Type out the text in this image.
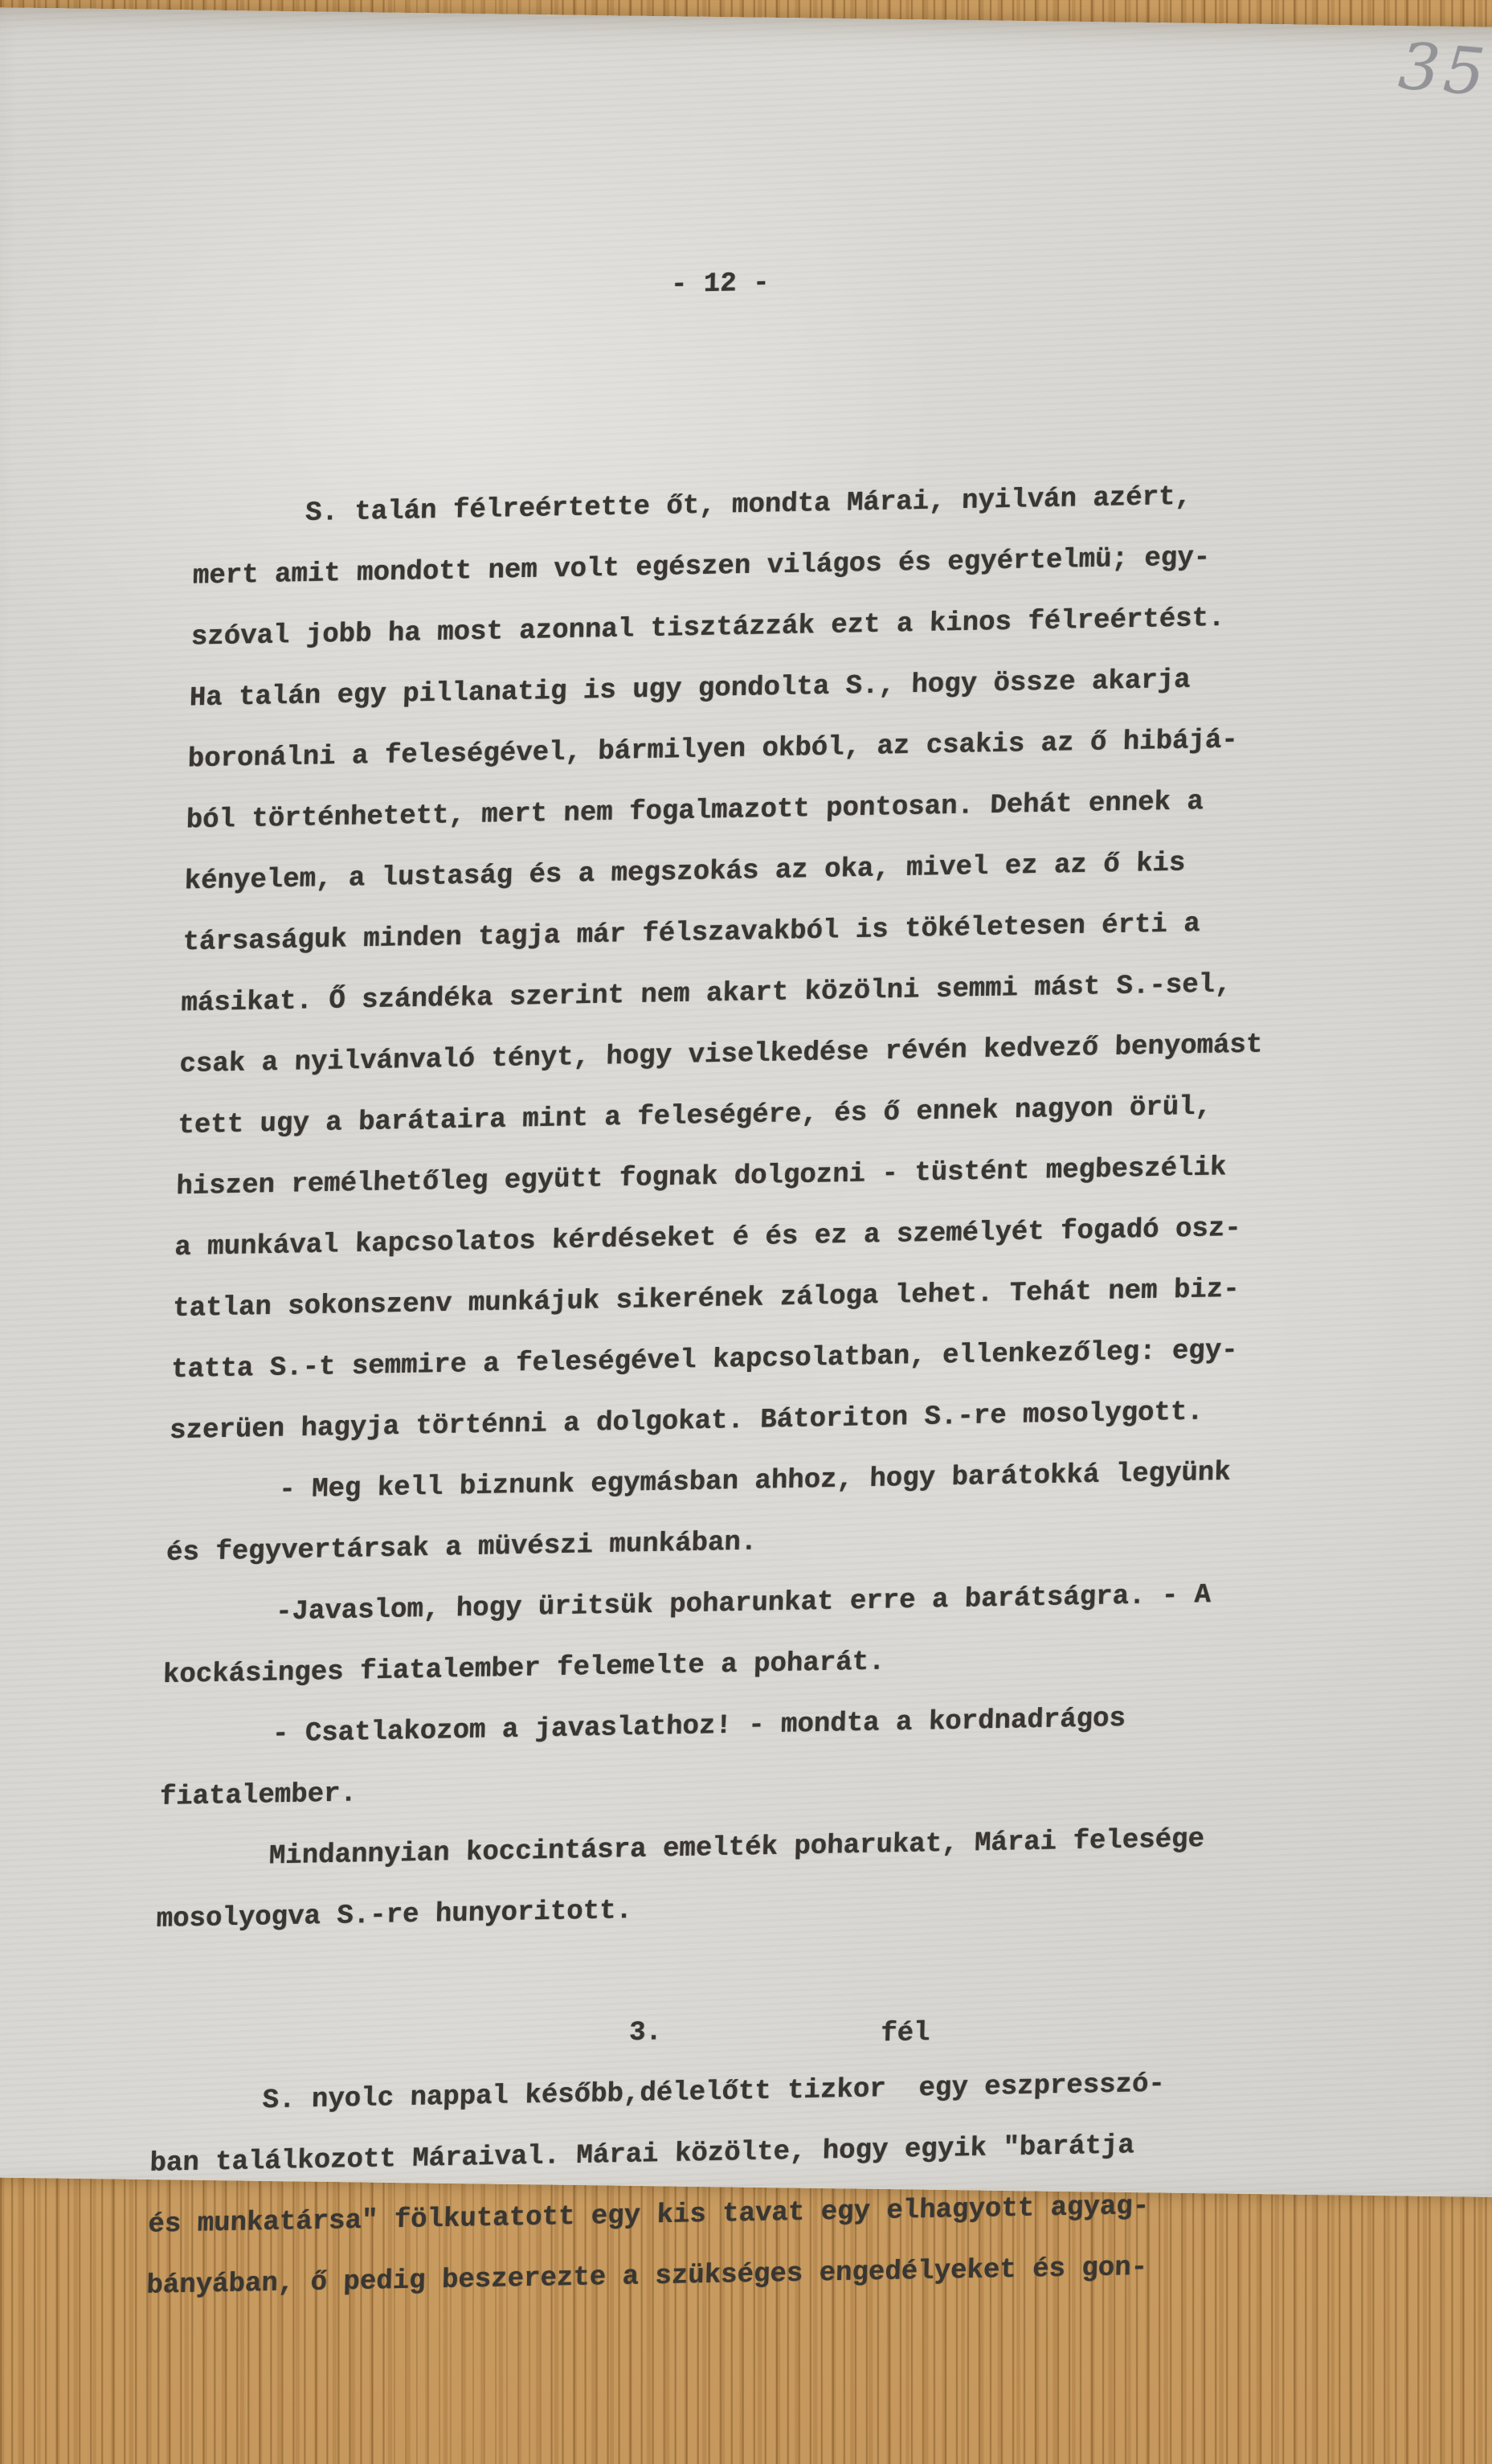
35

- 12 -

S. talán félreértette őt, mondta Márai, nyilván azért,
mert amit mondott nem volt egészen világos és egyértelmü; egy-
szóval jobb ha most azonnal tisztázzák ezt a kinos félreértést.
Ha talán egy pillanatig is ugy gondolta S., hogy össze akarja
boronálni a feleségével, bármilyen okból, az csakis az ő hibájá-
ból történhetett, mert nem fogalmazott pontosan. Dehát ennek a
kényelem, a lustaság és a megszokás az oka, mivel ez az ő kis
társaságuk minden tagja már félszavakból is tökéletesen érti a
másikat. Ő szándéka szerint nem akart közölni semmi mást S.-sel,
csak a nyilvánvaló tényt, hogy viselkedése révén kedvező benyomást
tett ugy a barátaira mint a feleségére, és ő ennek nagyon örül,
hiszen remélhetőleg együtt fognak dolgozni - tüstént megbeszélik
a munkával kapcsolatos kérdéseket é és ez a személyét fogadó osz-
tatlan sokonszenv munkájuk sikerének záloga lehet. Tehát nem biz-
tatta S.-t semmire a feleségével kapcsolatban, ellenkezőleg: egy-
szerüen hagyja történni a dolgokat. Bátoriton S.-re mosolygott.
- Meg kell biznunk egymásban ahhoz, hogy barátokká legyünk
és fegyvertársak a müvészi munkában.
-Javaslom, hogy üritsük poharunkat erre a barátságra. - A
kockásinges fiatalember felemelte a poharát.
- Csatlakozom a javaslathoz! - mondta a kordnadrágos
fiatalember.
Mindannyian koccintásra emelték poharukat, Márai felesége
mosolyogva S.-re hunyoritott.
3.	fél
S. nyolc nappal később,délelőtt tizkor  egy eszpresszó-
ban találkozott Máraival. Márai közölte, hogy egyik "barátja
és munkatársa" fölkutatott egy kis tavat egy elhagyott agyag-
bányában, ő pedig beszerezte a szükséges engedélyeket és gon-
